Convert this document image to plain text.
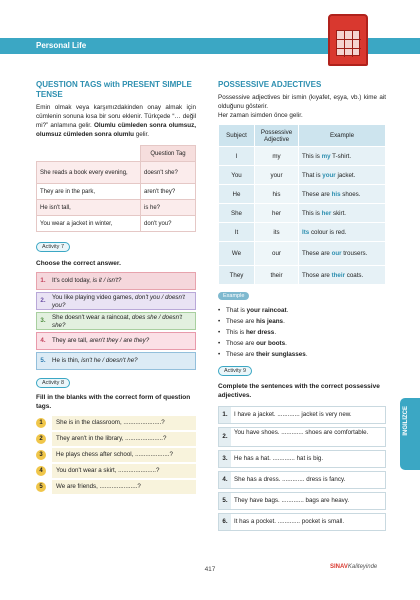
Personal Life
İNGİLİZCE
QUESTION TAGS with PRESENT SIMPLE TENSE

Emin olmak veya karşımızdakinden onay almak için cümlenin sonuna kısa bir soru eklenir. Türkçede “… değil mi?” anlamına gelir. Olumlu cümleden sonra olumsuz, olumsuz cümleden sonra olumlu gelir.

	Question Tag
She reads a book every evening,	doesn't she?
They are in the park,	aren't they?
He isn't tall,	is he?
You wear a jacket in winter,	don't you?
Activity 7
Choose the correct answer.
1.	It's cold today, is it / isn't?
2.	You like playing video games, don't you / doesn't you?
3.	She doesn't wear a raincoat, does she / doesn't she?
4.	They are tall, aren't they / are they?
5.	He is thin, isn't he / doesn't he?
Activity 8
Fill in the blanks with the correct form of question tags.
1	She is in the classroom, ......................?
2	They aren't in the library, ......................?
3	He plays chess after school, ....................?
4	You don't wear a skirt, ......................?
5	We are friends, ......................?
POSSESSIVE ADJECTIVES

Possessive adjectives bir ismin (kıyafet, eşya, vb.) kime ait olduğunu gösterir.

Her zaman isimden önce gelir.

Subject	Possessive Adjective	Example
I	my	This is my T-shirt.
You	your	That is your jacket.
He	his	These are his shoes.
She	her	This is her skirt.
It	its	Its colour is red.
We	our	These are our trousers.
They	their	Those are their coats.
Example
• That is your raincoat.
• These are his jeans.
• This is her dress.
• Those are our boots.
• These are their sunglasses.
Activity 9
Complete the sentences with the correct possessive adjectives.
1.	I have a jacket. ............. jacket is very new.
2.
You have shoes. ............. shoes are comfortable.
3.	He has a hat. ............. hat is big.
4.	She has a dress. ............. dress is fancy.
5.	They have bags. ............. bags are heavy.
6.	It has a pocket. ............. pocket is small.
417	SINAVKaliteyinde
